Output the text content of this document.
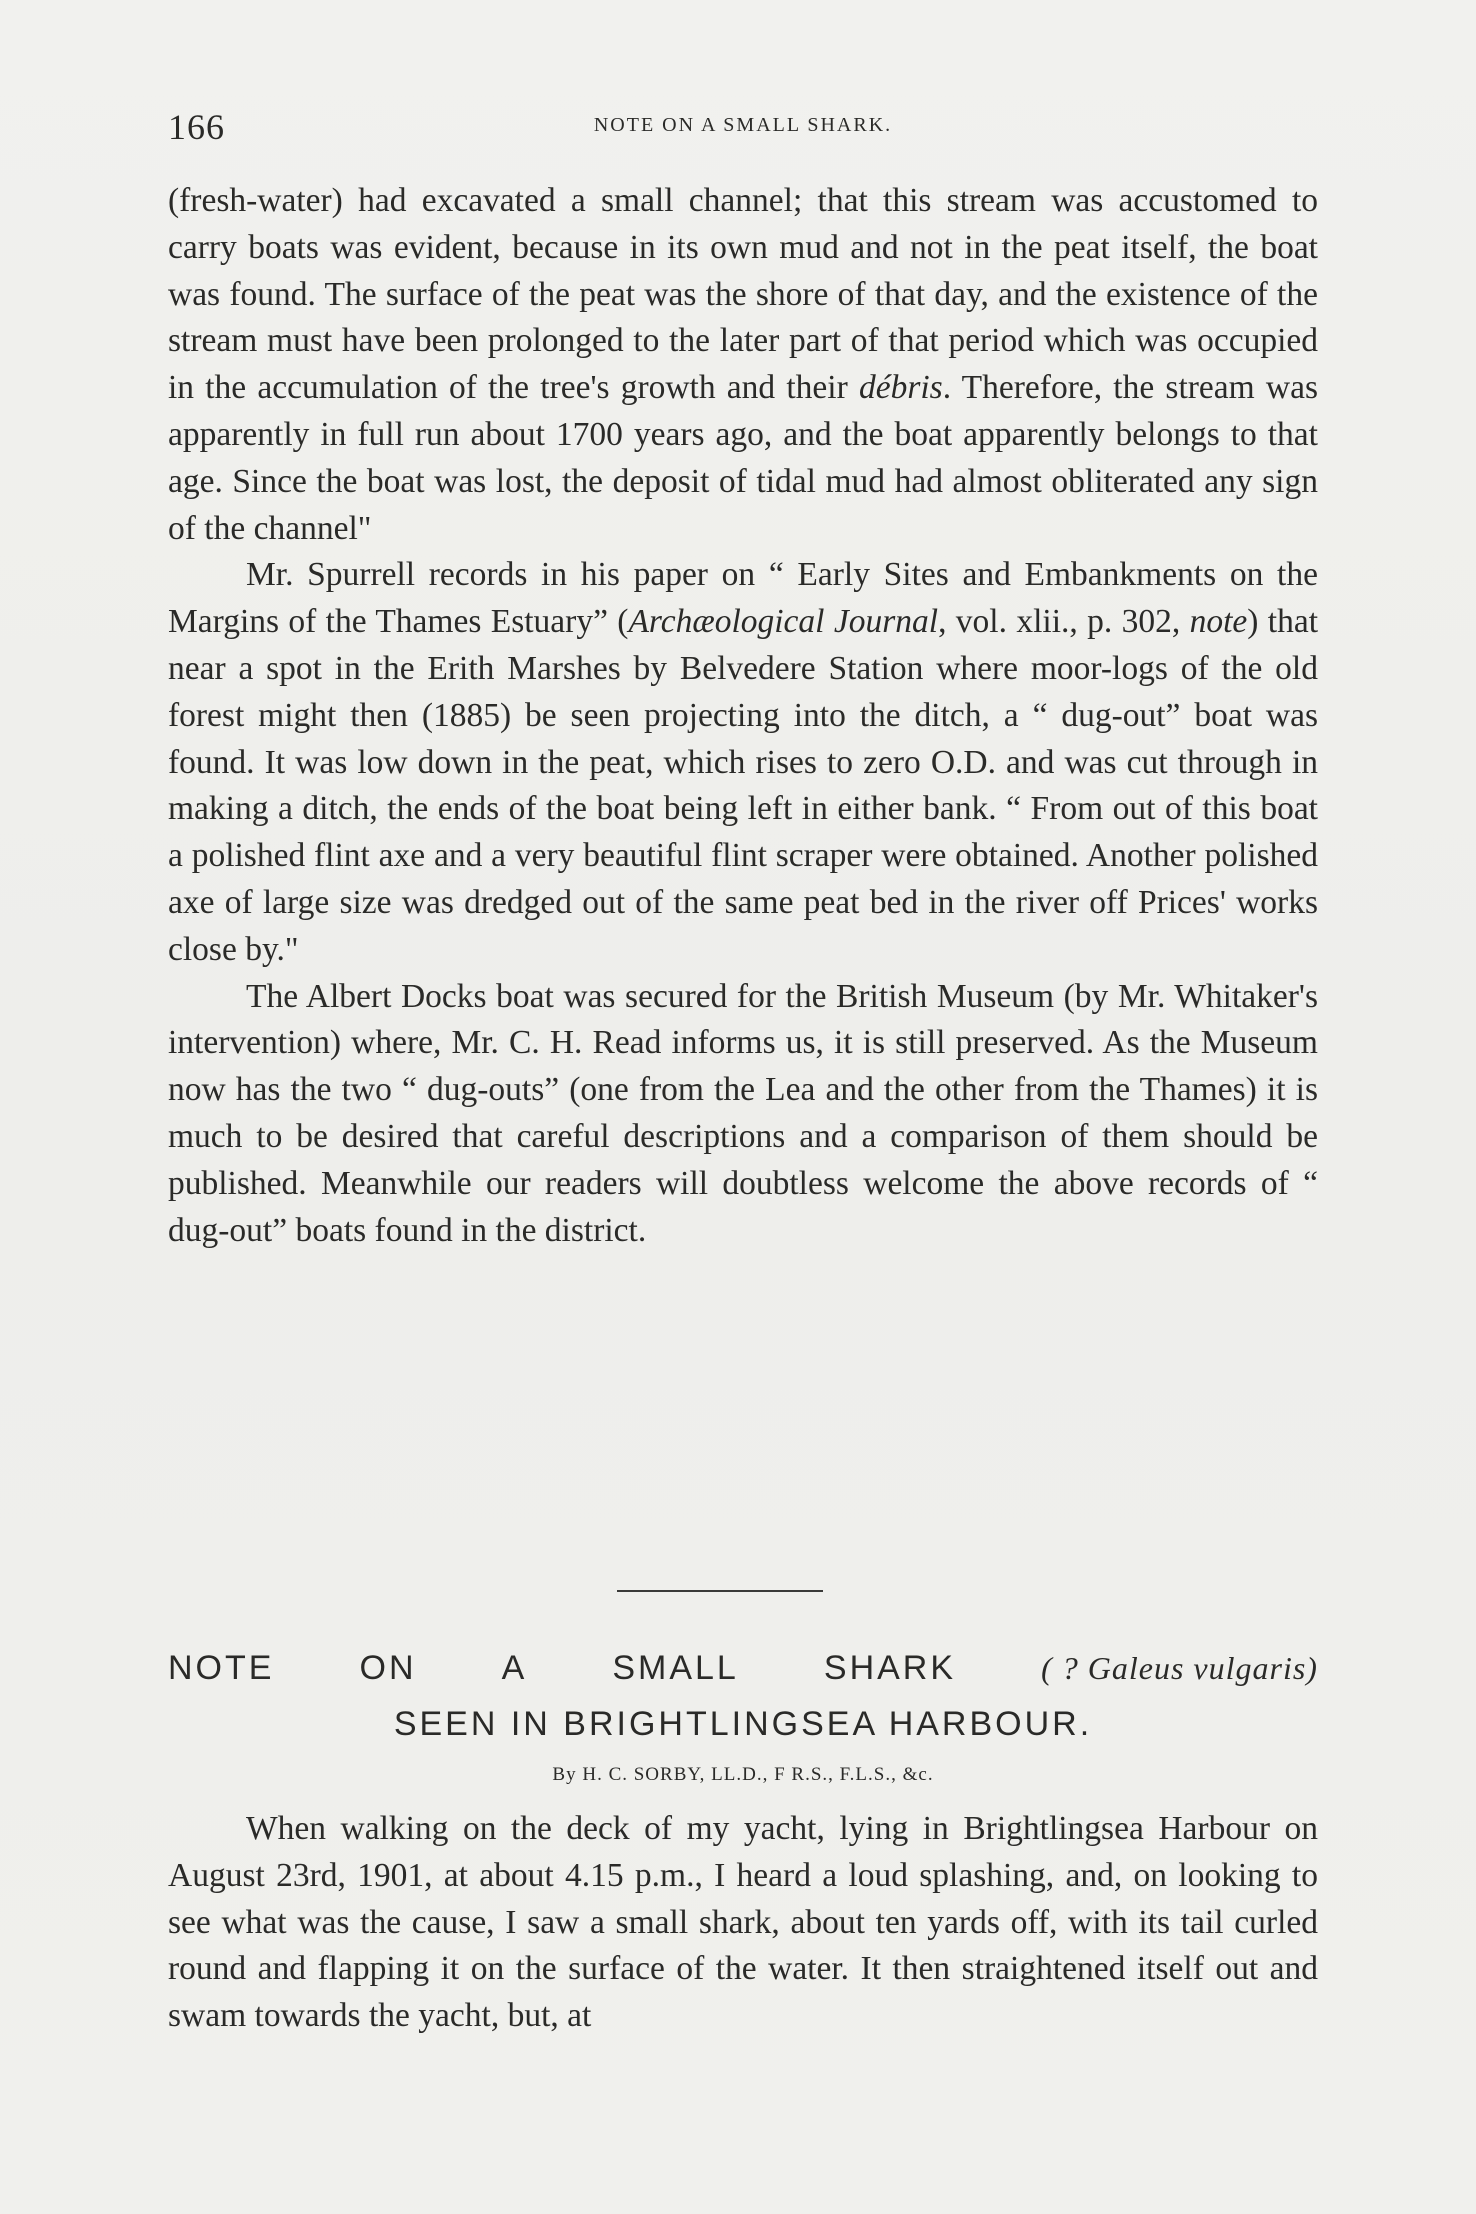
166	NOTE ON A SMALL SHARK.

(fresh-water) had excavated a small channel; that this stream was accustomed to carry boats was evident, because in its own mud and not in the peat itself, the boat was found. The surface of the peat was the shore of that day, and the existence of the stream must have been prolonged to the later part of that period which was occupied in the accumulation of the tree's growth and their débris. Therefore, the stream was apparently in full run about 1700 years ago, and the boat apparently belongs to that age. Since the boat was lost, the deposit of tidal mud had almost obliterated any sign of the channel"

Mr. Spurrell records in his paper on “ Early Sites and Embankments on the Margins of the Thames Estuary” (Archæological Journal, vol. xlii., p. 302, note) that near a spot in the Erith Marshes by Belvedere Station where moor-logs of the old forest might then (1885) be seen projecting into the ditch, a “ dug-out” boat was found. It was low down in the peat, which rises to zero O.D. and was cut through in making a ditch, the ends of the boat being left in either bank. “ From out of this boat a polished flint axe and a very beautiful flint scraper were obtained. Another polished axe of large size was dredged out of the same peat bed in the river off Prices' works close by."

The Albert Docks boat was secured for the British Museum (by Mr. Whitaker's intervention) where, Mr. C. H. Read informs us, it is still preserved. As the Museum now has the two “ dug-outs” (one from the Lea and the other from the Thames) it is much to be desired that careful descriptions and a comparison of them should be published. Meanwhile our readers will doubtless welcome the above records of “ dug-out” boats found in the district.

NOTE	ON	A	SMALL	SHARK	( ? Galeus vulgaris)
SEEN IN BRIGHTLINGSEA HARBOUR.
By H. C. SORBY, LL.D., F R.S., F.L.S., &c.

When walking on the deck of my yacht, lying in Brightlingsea Harbour on August 23rd, 1901, at about 4.15 p.m., I heard a loud splashing, and, on looking to see what was the cause, I saw a small shark, about ten yards off, with its tail curled round and flapping it on the surface of the water. It then straightened itself out and swam towards the yacht, but, at
